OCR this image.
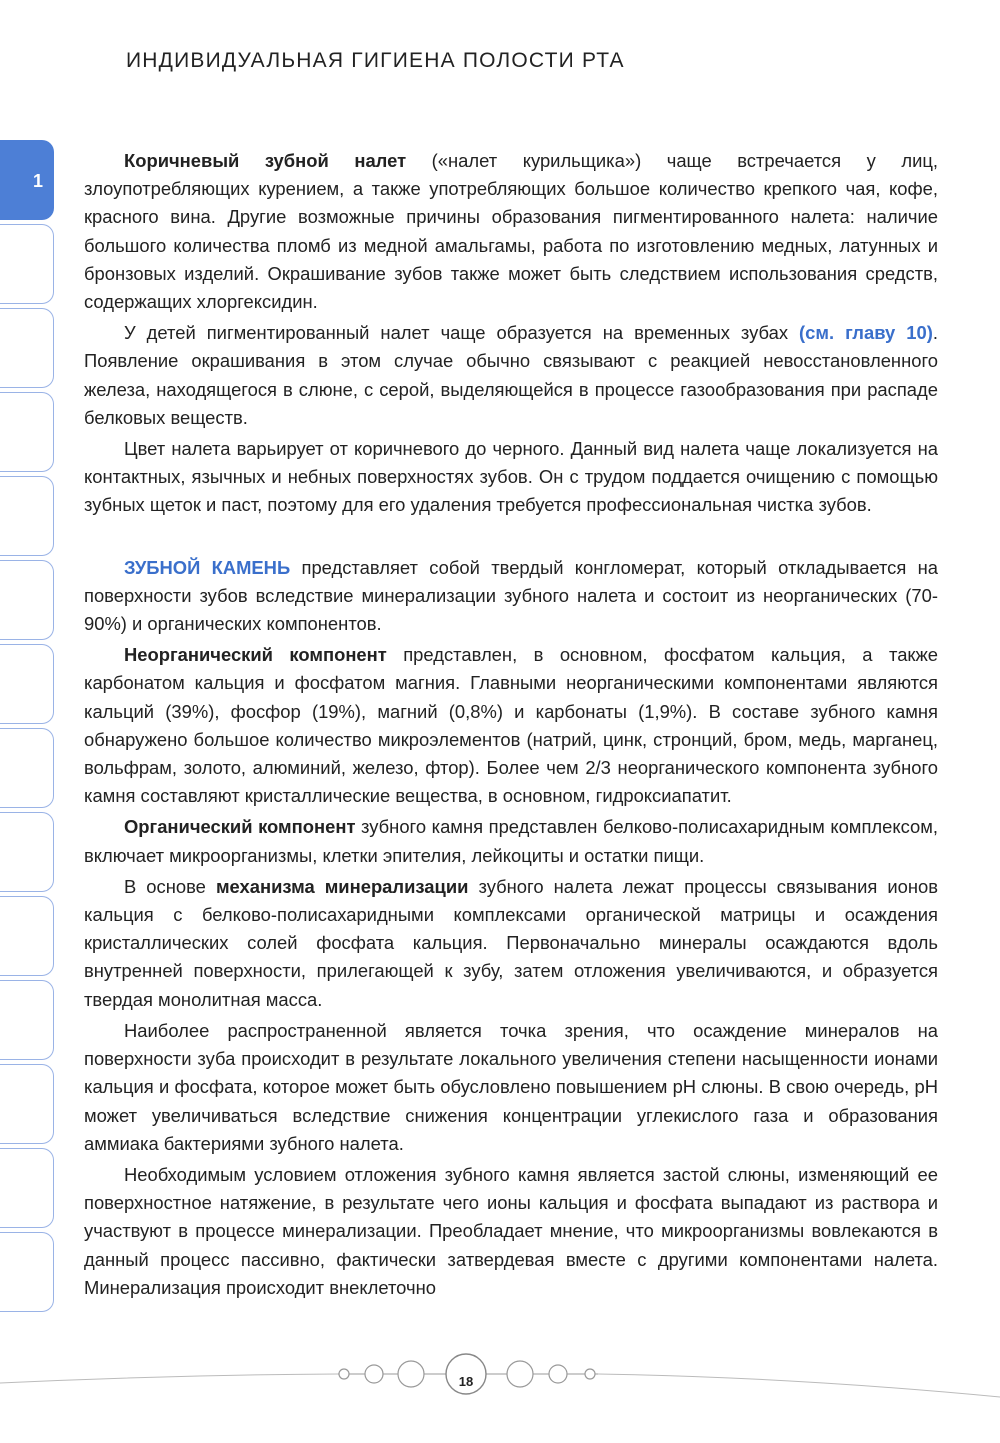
ИНДИВИДУАЛЬНАЯ ГИГИЕНА ПОЛОСТИ РТА
1

Коричневый зубной налет («налет курильщика») чаще встречается у лиц, злоупотребляющих курением, а также употребляющих большое количество крепкого чая, кофе, красного вина. Другие возможные причины образования пигментированного налета: наличие большого количества пломб из медной амальгамы, работа по изготовлению медных, латунных и бронзовых изделий. Окрашивание зубов также может быть следствием использования средств, содержащих хлоргексидин.

У детей пигментированный налет чаще образуется на временных зубах (см. главу 10). Появление окрашивания в этом случае обычно связывают с реакцией невосстановленного железа, находящегося в слюне, с серой, выделяющейся в процессе газообразования при распаде белковых веществ.

Цвет налета варьирует от коричневого до черного. Данный вид налета чаще локализуется на контактных, язычных и небных поверхностях зубов. Он с трудом поддается очищению с помощью зубных щеток и паст, поэтому для его удаления требуется профессиональная чистка зубов.

ЗУБНОЙ КАМЕНЬ представляет собой твердый конгломерат, который откладывается на поверхности зубов вследствие минерализации зубного налета и состоит из неорганических (70-90%) и органических компонентов.

Неорганический компонент представлен, в основном, фосфатом кальция, а также карбонатом кальция и фосфатом магния. Главными неорганическими компонентами являются кальций (39%), фосфор (19%), магний (0,8%) и карбонаты (1,9%). В составе зубного камня обнаружено большое количество микроэлементов (натрий, цинк, стронций, бром, медь, марганец, вольфрам, золото, алюминий, железо, фтор). Более чем 2/3 неорганического компонента зубного камня составляют кристаллические вещества, в основном, гидроксиапатит.

Органический компонент зубного камня представлен белково-полисахаридным комплексом, включает микроорганизмы, клетки эпителия, лейкоциты и остатки пищи.

В основе механизма минерализации зубного налета лежат процессы связывания ионов кальция с белково-полисахаридными комплексами органической матрицы и осаждения кристаллических солей фосфата кальция. Первоначально минералы осаждаются вдоль внутренней поверхности, прилегающей к зубу, затем отложения увеличиваются, и образуется твердая монолитная масса.

Наиболее распространенной является точка зрения, что осаждение минералов на поверхности зуба происходит в результате локального увеличения степени насыщенности ионами кальция и фосфата, которое может быть обусловлено повышением pH слюны. В свою очередь, pH может увеличиваться вследствие снижения концентрации углекислого газа и образования аммиака бактериями зубного налета.

Необходимым условием отложения зубного камня является застой слюны, изменяющий ее поверхностное натяжение, в результате чего ионы кальция и фосфата выпадают из раствора и участвуют в процессе минерализации. Преобладает мнение, что микроорганизмы вовлекаются в данный процесс пассивно, фактически затвердевая вместе с другими компонентами налета. Минерализация происходит внеклеточно

18
